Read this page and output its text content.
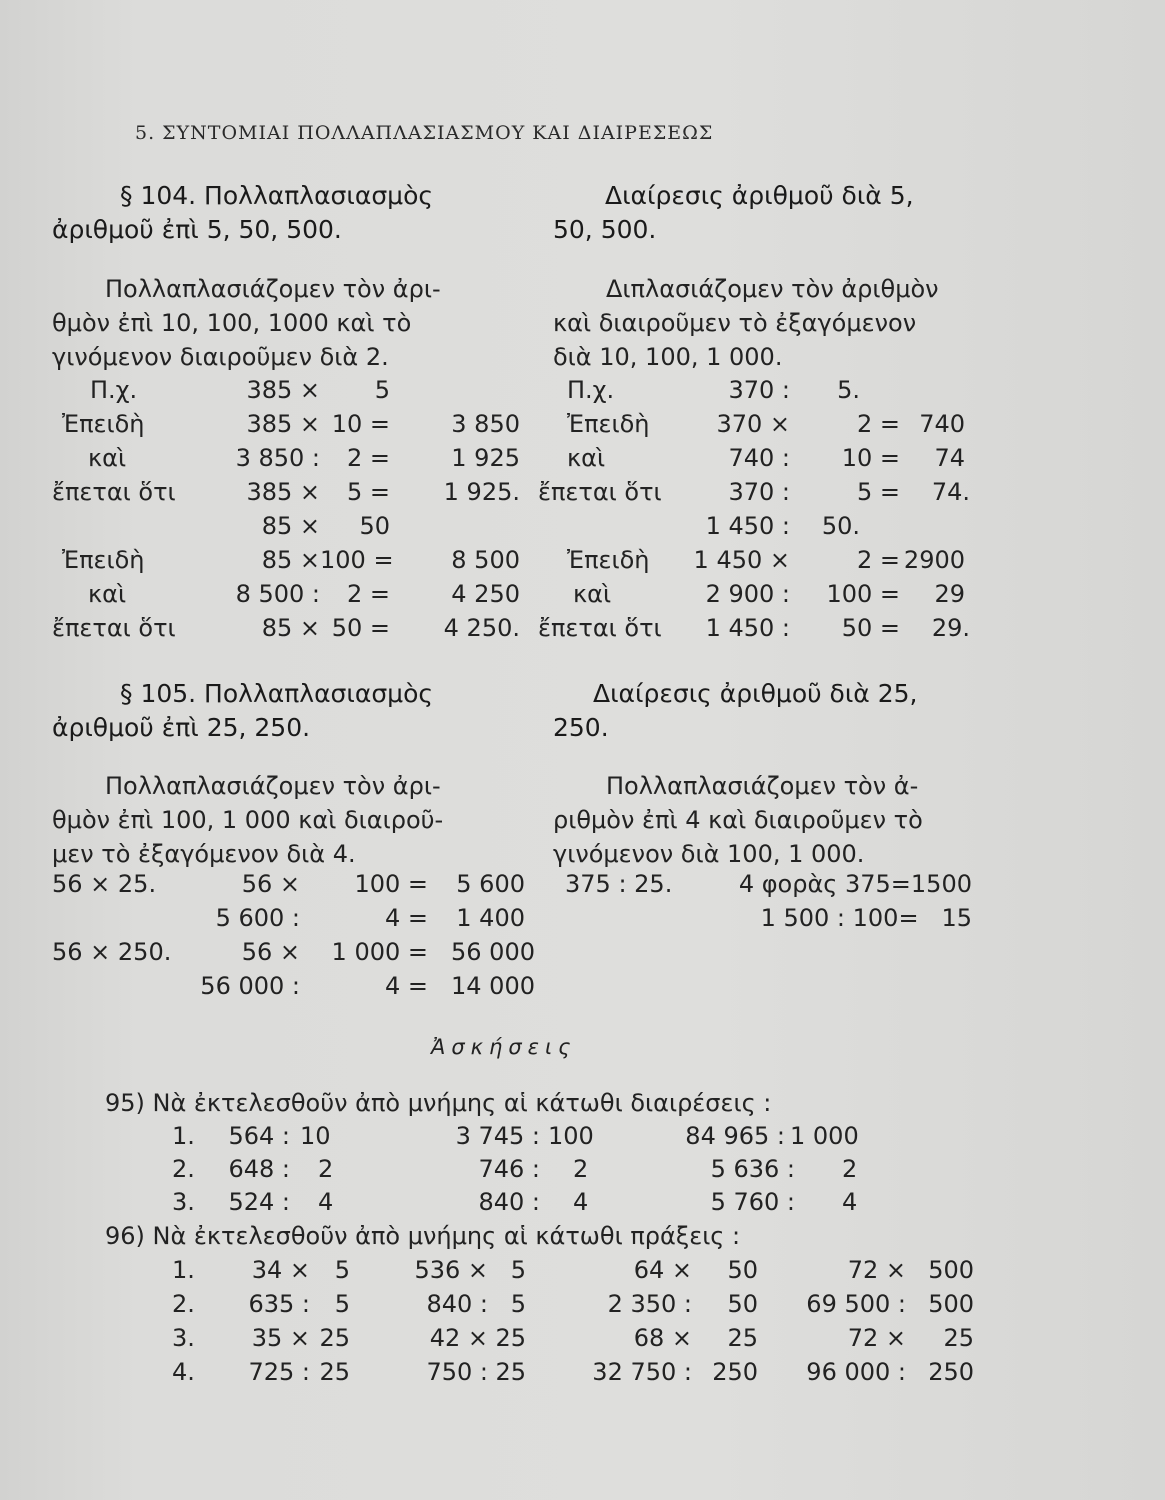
5. ΣΥΝΤΟΜΙΑΙ ΠΟΛΛΑΠΛΑΣΙΑΣΜΟΥ ΚΑΙ ΔΙΑΙΡΕΣΕΩΣ
§ 104. Πολλαπλασιασμὸς
ἀριθμοῦ ἐπὶ 5, 50, 500.
Διαίρεσις ἀριθμοῦ διὰ 5,
50, 500.
Πολλαπλασιάζομεν τὸν ἀρι-
θμὸν ἐπὶ 10, 100, 1000 καὶ τὸ
γινόμενον διαιροῦμεν διὰ 2.
Διπλασιάζομεν τὸν ἀριθμὸν
καὶ διαιροῦμεν τὸ ἐξαγόμενον
διὰ 10, 100, 1 000.
Π.χ.	385 ×	5
Ἐπειδὴ	385 × 10 =	3 850
καὶ	3 850 :	2 =	1 925
ἔπεται ὅτι	385 ×	5 =	1 925.
85 ×	50
Ἐπειδὴ	85 × 100 =	8 500
καὶ	8 500 :	2 =	4 250
ἔπεται ὅτι	85 × 50 =	4 250.
Π.χ.	370 :	5.
Ἐπειδὴ	370 ×	2 = 740
καὶ	740 :	10 =	74
ἔπεται ὅτι	370 :	5 =	74.
1 450 :	50.
Ἐπειδὴ	1 450 ×	2 = 2900
καὶ	2 900 :	100 =	29
ἔπεται ὅτι	1 450 :	50 =	29.
§ 105. Πολλαπλασιασμὸς
ἀριθμοῦ ἐπὶ 25, 250.
Διαίρεσις ἀριθμοῦ διὰ 25,
250.
Πολλαπλασιάζομεν τὸν ἀρι-
θμὸν ἐπὶ 100, 1 000 καὶ διαιροῦ-
μεν τὸ ἐξαγόμενον διὰ 4.
Πολλαπλασιάζομεν τὸν ἀ-
ριθμὸν ἐπὶ 4 καὶ διαιροῦμεν τὸ
γινόμενον διὰ 100, 1 000.
56 × 25.	56 ×	100 =	5 600
5 600 :	4 =	1 400
56 × 250.	56 ×	1 000 = 56 000
56 000 :	4 = 14 000
375 : 25.	4 φορὰς 375=1500
1 500 : 100=   15
Ἀσκήσεις
95) Νὰ ἐκτελεσθοῦν ἀπὸ μνήμης αἱ κάτωθι διαιρέσεις :
1.	564 : 10	3 745 : 100	84 965 : 1 000
2.	648 : 2	746 : 2	5 636 : 2
3.	524 : 4	840 : 4	5 760 : 4
96) Νὰ ἐκτελεσθοῦν ἀπὸ μνήμης αἱ κάτωθι πράξεις :
1.	34 ×	5	536 × 5	64 ×	50	72 × 500
2.	635 :	5	840 : 5	2 350 :	50	69 500 : 500
3.	35 × 25	42 × 25	68 ×	25	72 ×	25
4.	725 : 25	750 : 25	32 750 : 250	96 000 : 250
